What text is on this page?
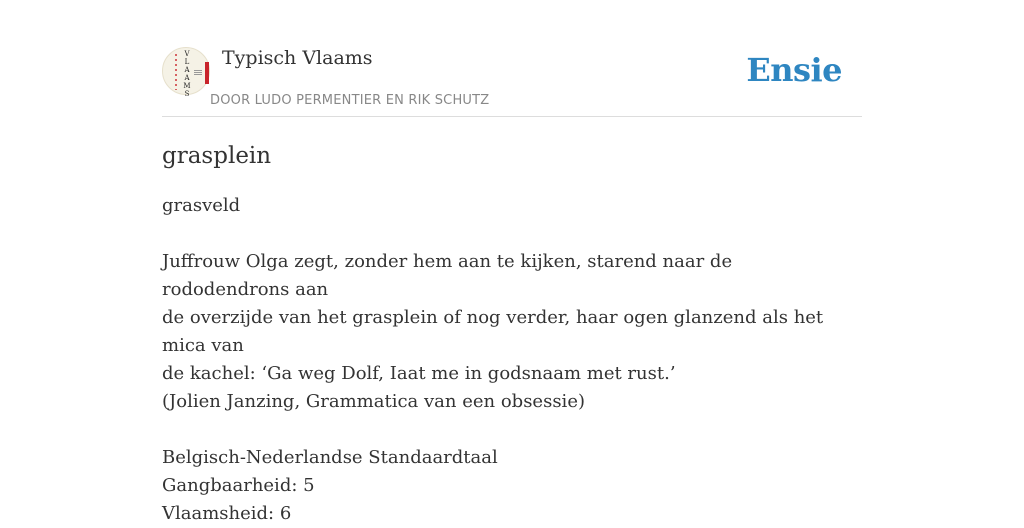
V
L
A
A
M
S
Typisch Vlaams
DOOR LUDO PERMENTIER EN RIK SCHUTZ
Ensie
grasplein

grasveld

Juffrouw Olga zegt, zonder hem aan te kijken, starend naar de rododendrons aan

de overzijde van het grasplein of nog verder, haar ogen glanzend als het mica van

de kachel: ‘Ga weg Dolf, Iaat me in godsnaam met rust.’

(Jolien Janzing, Grammatica van een obsessie)

Belgisch-Nederlandse Standaardtaal

Gangbaarheid: 5

Vlaamsheid: 6
